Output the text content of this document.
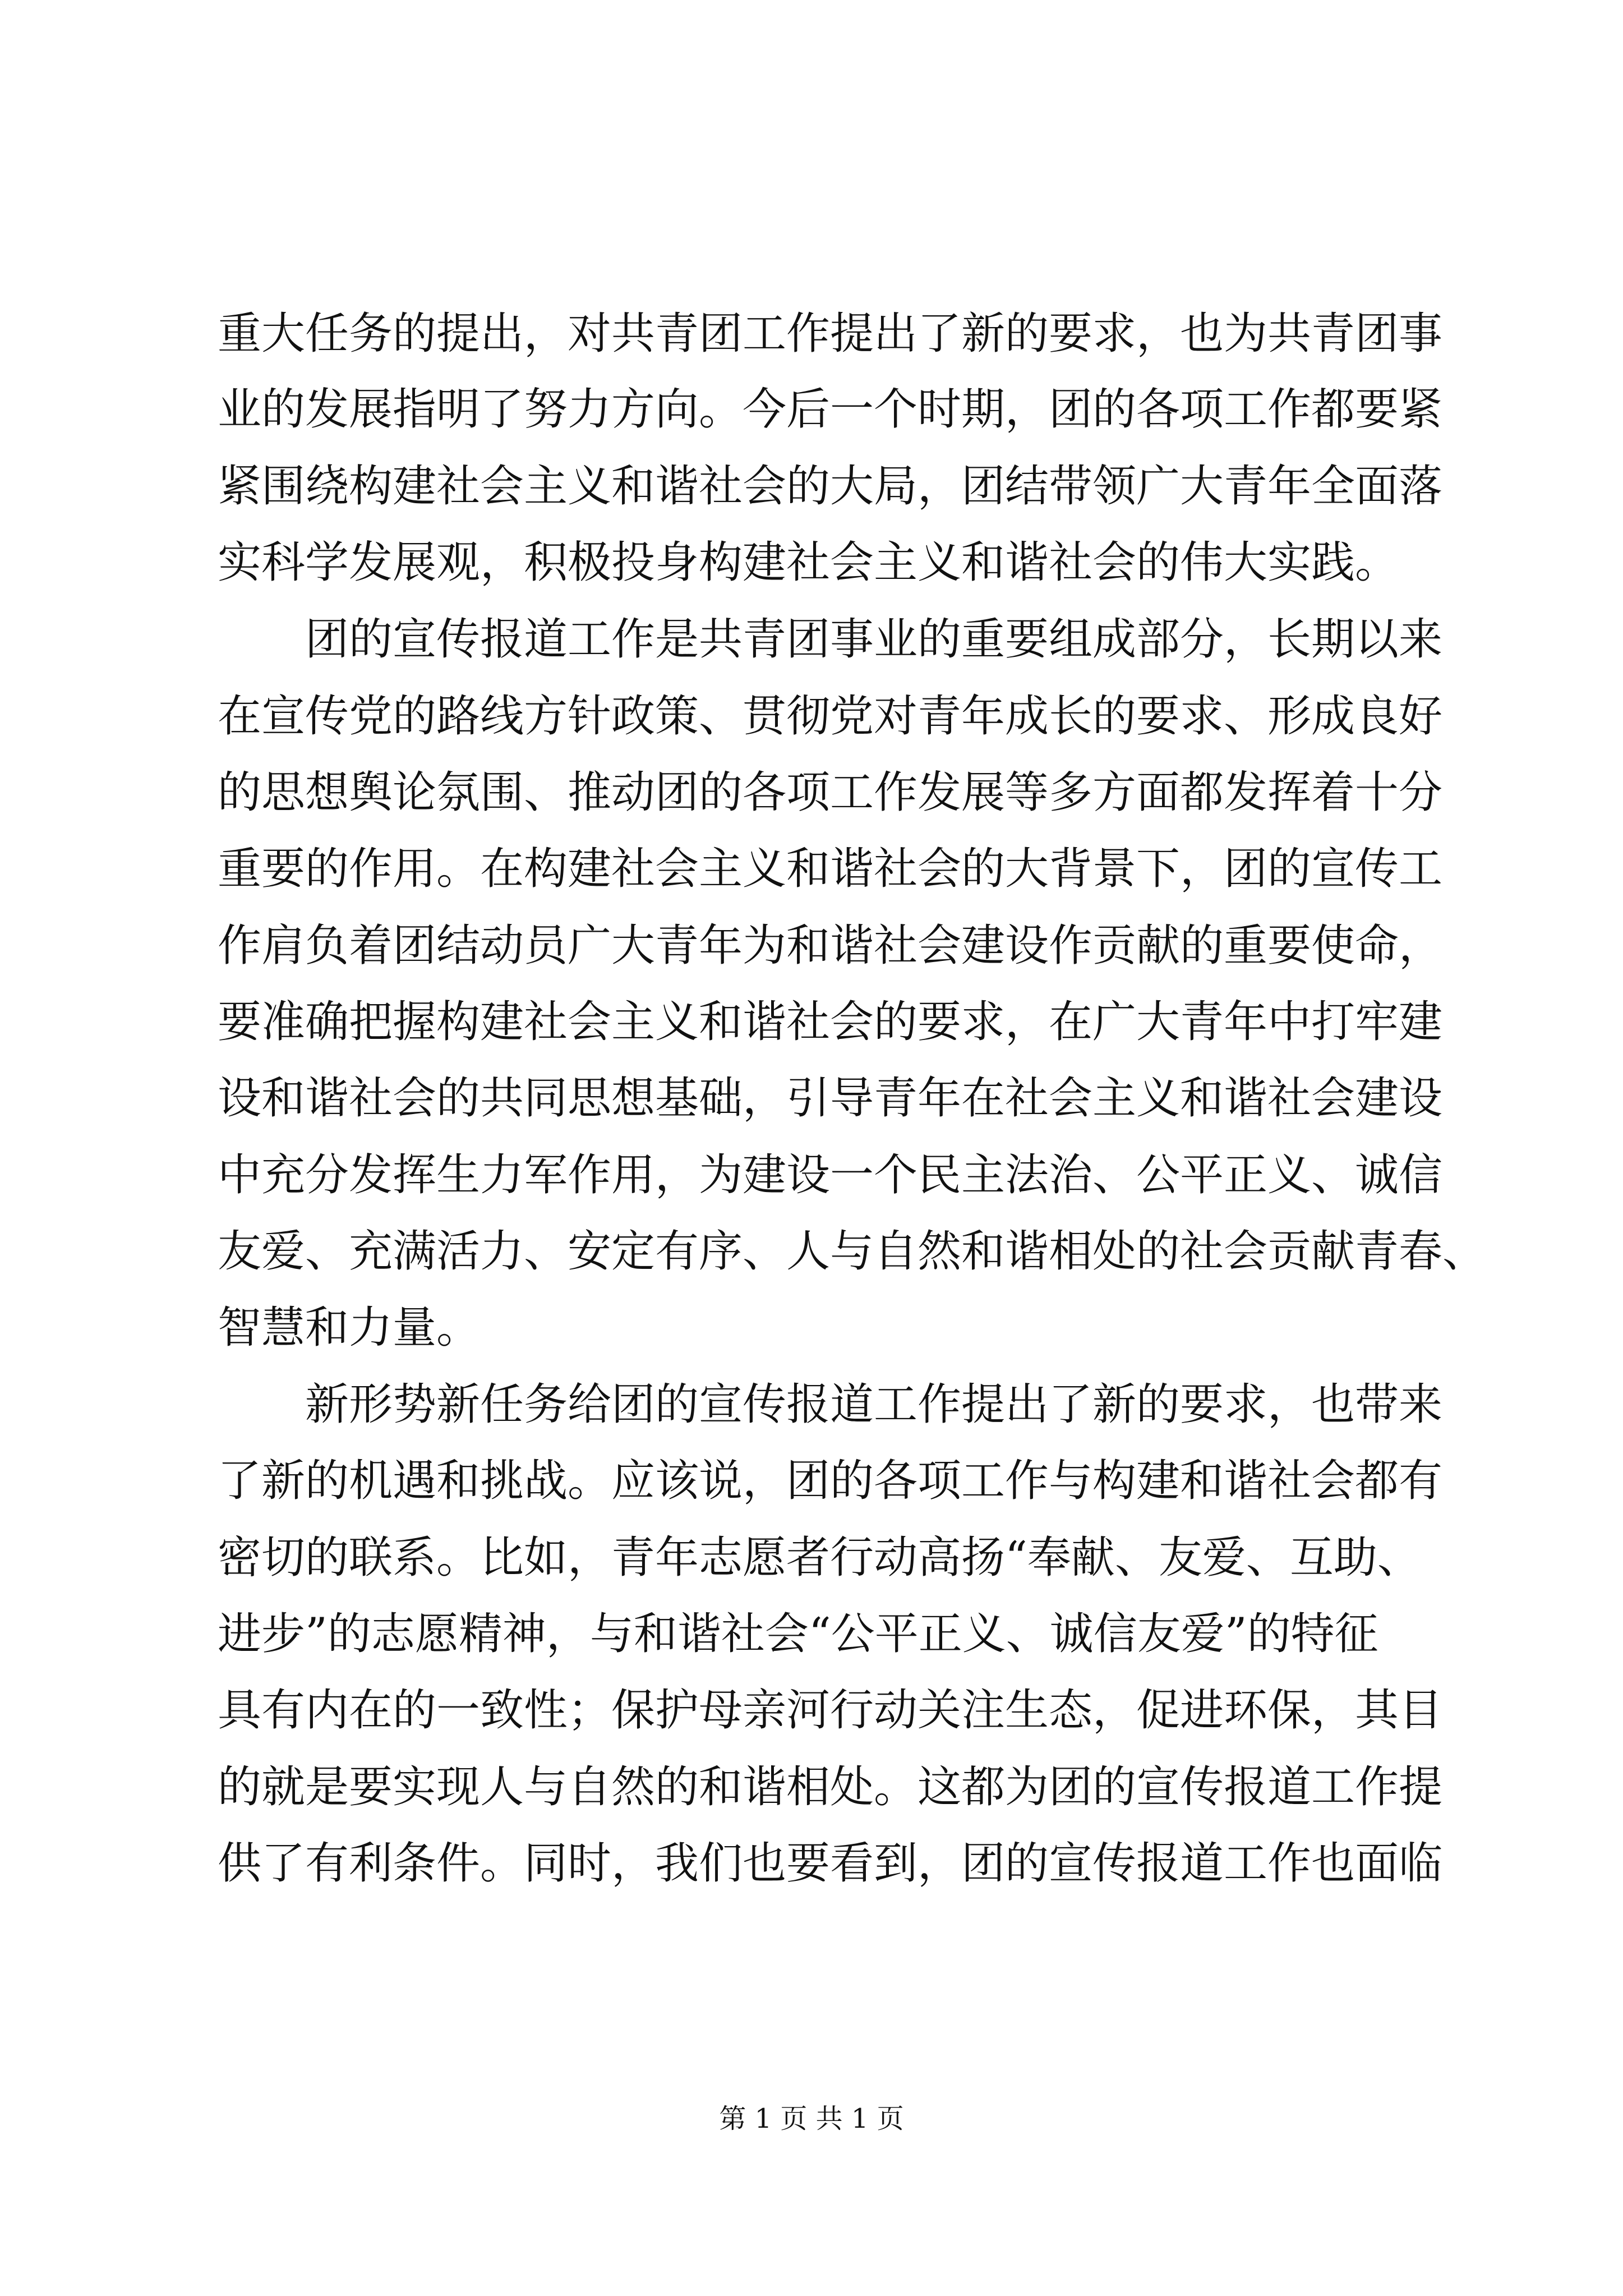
重大任务的提出，对共青团工作提出了新的要求，也为共青团事
业的发展指明了努力方向。今后一个时期，团的各项工作都要紧
紧围绕构建社会主义和谐社会的大局，团结带领广大青年全面落
实科学发展观，积极投身构建社会主义和谐社会的伟大实践。
团的宣传报道工作是共青团事业的重要组成部分，长期以来
在宣传党的路线方针政策、贯彻党对青年成长的要求、形成良好
的思想舆论氛围、推动团的各项工作发展等多方面都发挥着十分
重要的作用。在构建社会主义和谐社会的大背景下，团的宣传工
作肩负着团结动员广大青年为和谐社会建设作贡献的重要使命，
要准确把握构建社会主义和谐社会的要求，在广大青年中打牢建
设和谐社会的共同思想基础，引导青年在社会主义和谐社会建设
中充分发挥生力军作用，为建设一个民主法治、公平正义、诚信
友爱、充满活力、安定有序、人与自然和谐相处的社会贡献青春、
智慧和力量。
新形势新任务给团的宣传报道工作提出了新的要求，也带来
了新的机遇和挑战。应该说，团的各项工作与构建和谐社会都有
密切的联系。比如，青年志愿者行动高扬“奉献、友爱、互助、
进步”的志愿精神，与和谐社会“公平正义、诚信友爱”的特征
具有内在的一致性；保护母亲河行动关注生态，促进环保，其目
的就是要实现人与自然的和谐相处。这都为团的宣传报道工作提
供了有利条件。同时，我们也要看到，团的宣传报道工作也面临
第 1 页 共 1 页
